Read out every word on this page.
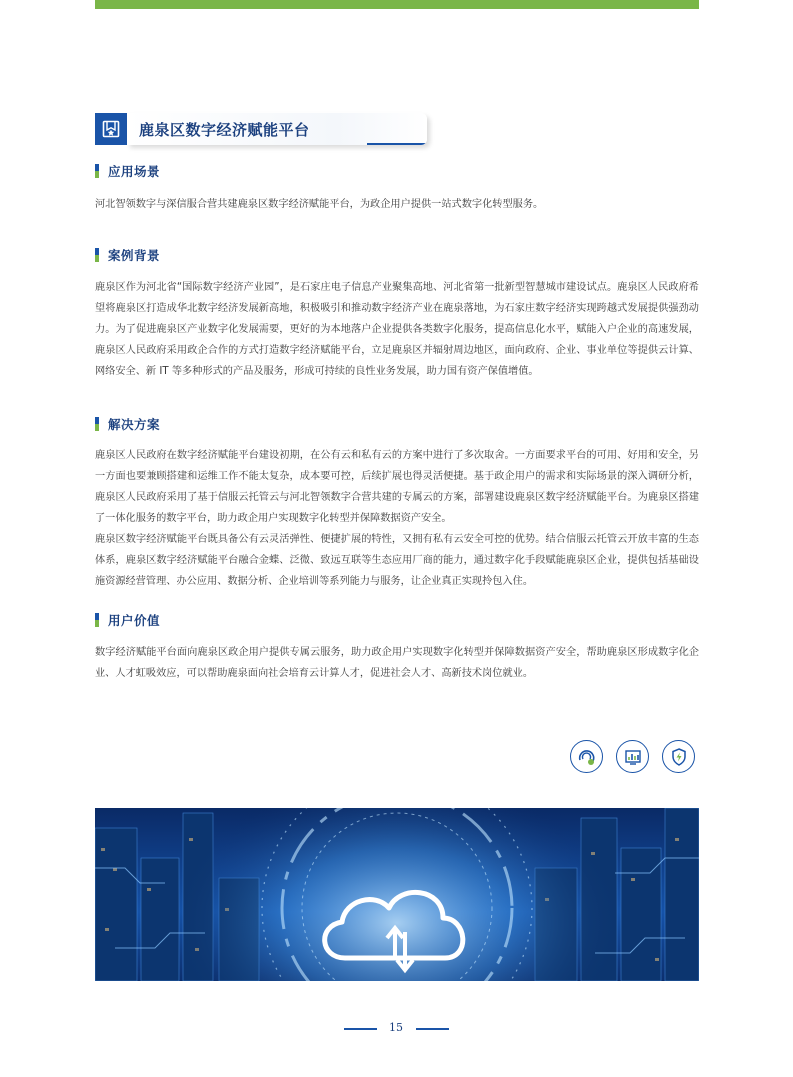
鹿泉区数字经济赋能平台
应用场景

河北智领数字与深信服合营共建鹿泉区数字经济赋能平台，为政企用户提供一站式数字化转型服务。

案例背景

鹿泉区作为河北省“国际数字经济产业园”，是石家庄电子信息产业聚集高地、河北省第一批新型智慧城市建设试点。鹿泉区人民政府希望将鹿泉区打造成华北数字经济发展新高地，积极吸引和推动数字经济产业在鹿泉落地，为石家庄数字经济实现跨越式发展提供强劲动力。为了促进鹿泉区产业数字化发展需要，更好的为本地落户企业提供各类数字化服务，提高信息化水平，赋能入户企业的高速发展，鹿泉区人民政府采用政企合作的方式打造数字经济赋能平台，立足鹿泉区并辐射周边地区，面向政府、企业、事业单位等提供云计算、网络安全、新 IT 等多种形式的产品及服务，形成可持续的良性业务发展，助力国有资产保值增值。

解决方案

鹿泉区人民政府在数字经济赋能平台建设初期，在公有云和私有云的方案中进行了多次取舍。一方面要求平台的可用、好用和安全，另一方面也要兼顾搭建和运维工作不能太复杂，成本要可控，后续扩展也得灵活便捷。基于政企用户的需求和实际场景的深入调研分析，鹿泉区人民政府采用了基于信服云托管云与河北智领数字合营共建的专属云的方案，部署建设鹿泉区数字经济赋能平台。为鹿泉区搭建了一体化服务的数字平台，助力政企用户实现数字化转型并保障数据资产安全。

鹿泉区数字经济赋能平台既具备公有云灵活弹性、便捷扩展的特性，又拥有私有云安全可控的优势。结合信服云托管云开放丰富的生态体系，鹿泉区数字经济赋能平台融合金蝶、泛微、致远互联等生态应用厂商的能力，通过数字化手段赋能鹿泉区企业，提供包括基础设施资源经营管理、办公应用、数据分析、企业培训等系列能力与服务，让企业真正实现拎包入住。

用户价值

数字经济赋能平台面向鹿泉区政企用户提供专属云服务，助力政企用户实现数字化转型并保障数据资产安全，帮助鹿泉区形成数字化企业、人才虹吸效应，可以帮助鹿泉面向社会培育云计算人才，促进社会人才、高新技术岗位就业。

15
